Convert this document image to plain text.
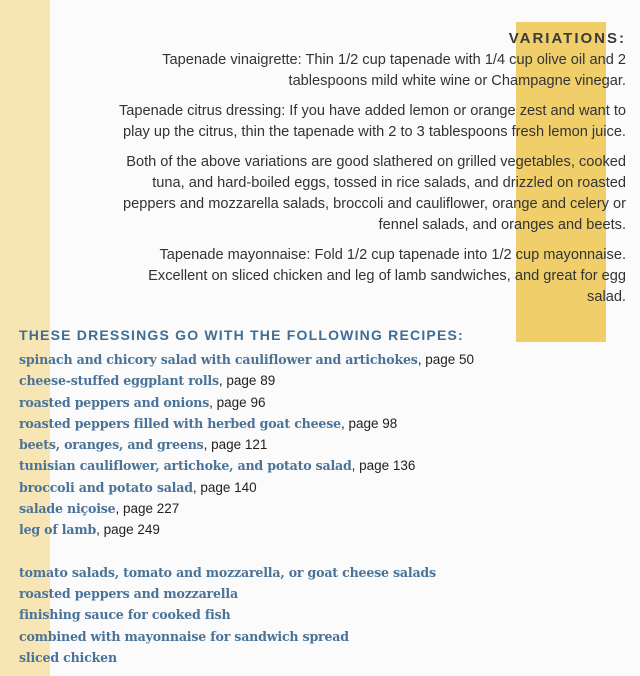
VARIATIONS:

Tapenade vinaigrette: Thin 1/2 cup tapenade with 1/4 cup olive oil and 2 tablespoons mild white wine or Champagne vinegar.

Tapenade citrus dressing: If you have added lemon or orange zest and want to play up the citrus, thin the tapenade with 2 to 3 tablespoons fresh lemon juice.

Both of the above variations are good slathered on grilled vegetables, cooked tuna, and hard-boiled eggs, tossed in rice salads, and drizzled on roasted peppers and mozzarella salads, broccoli and cauliflower, orange and celery or fennel salads, and oranges and beets.

Tapenade mayonnaise: Fold 1/2 cup tapenade into 1/2 cup mayonnaise. Excellent on sliced chicken and leg of lamb sandwiches, and great for egg salad.

THESE DRESSINGS GO WITH THE FOLLOWING RECIPES:
spinach and chicory salad with cauliflower and artichokes, page 50
cheese-stuffed eggplant rolls, page 89
roasted peppers and onions, page 96
roasted peppers filled with herbed goat cheese, page 98
beets, oranges, and greens, page 121
tunisian cauliflower, artichoke, and potato salad, page 136
broccoli and potato salad, page 140
salade niçoise, page 227
leg of lamb, page 249
tomato salads, tomato and mozzarella, or goat cheese salads
roasted peppers and mozzarella
finishing sauce for cooked fish
combined with mayonnaise for sandwich spread
sliced chicken
